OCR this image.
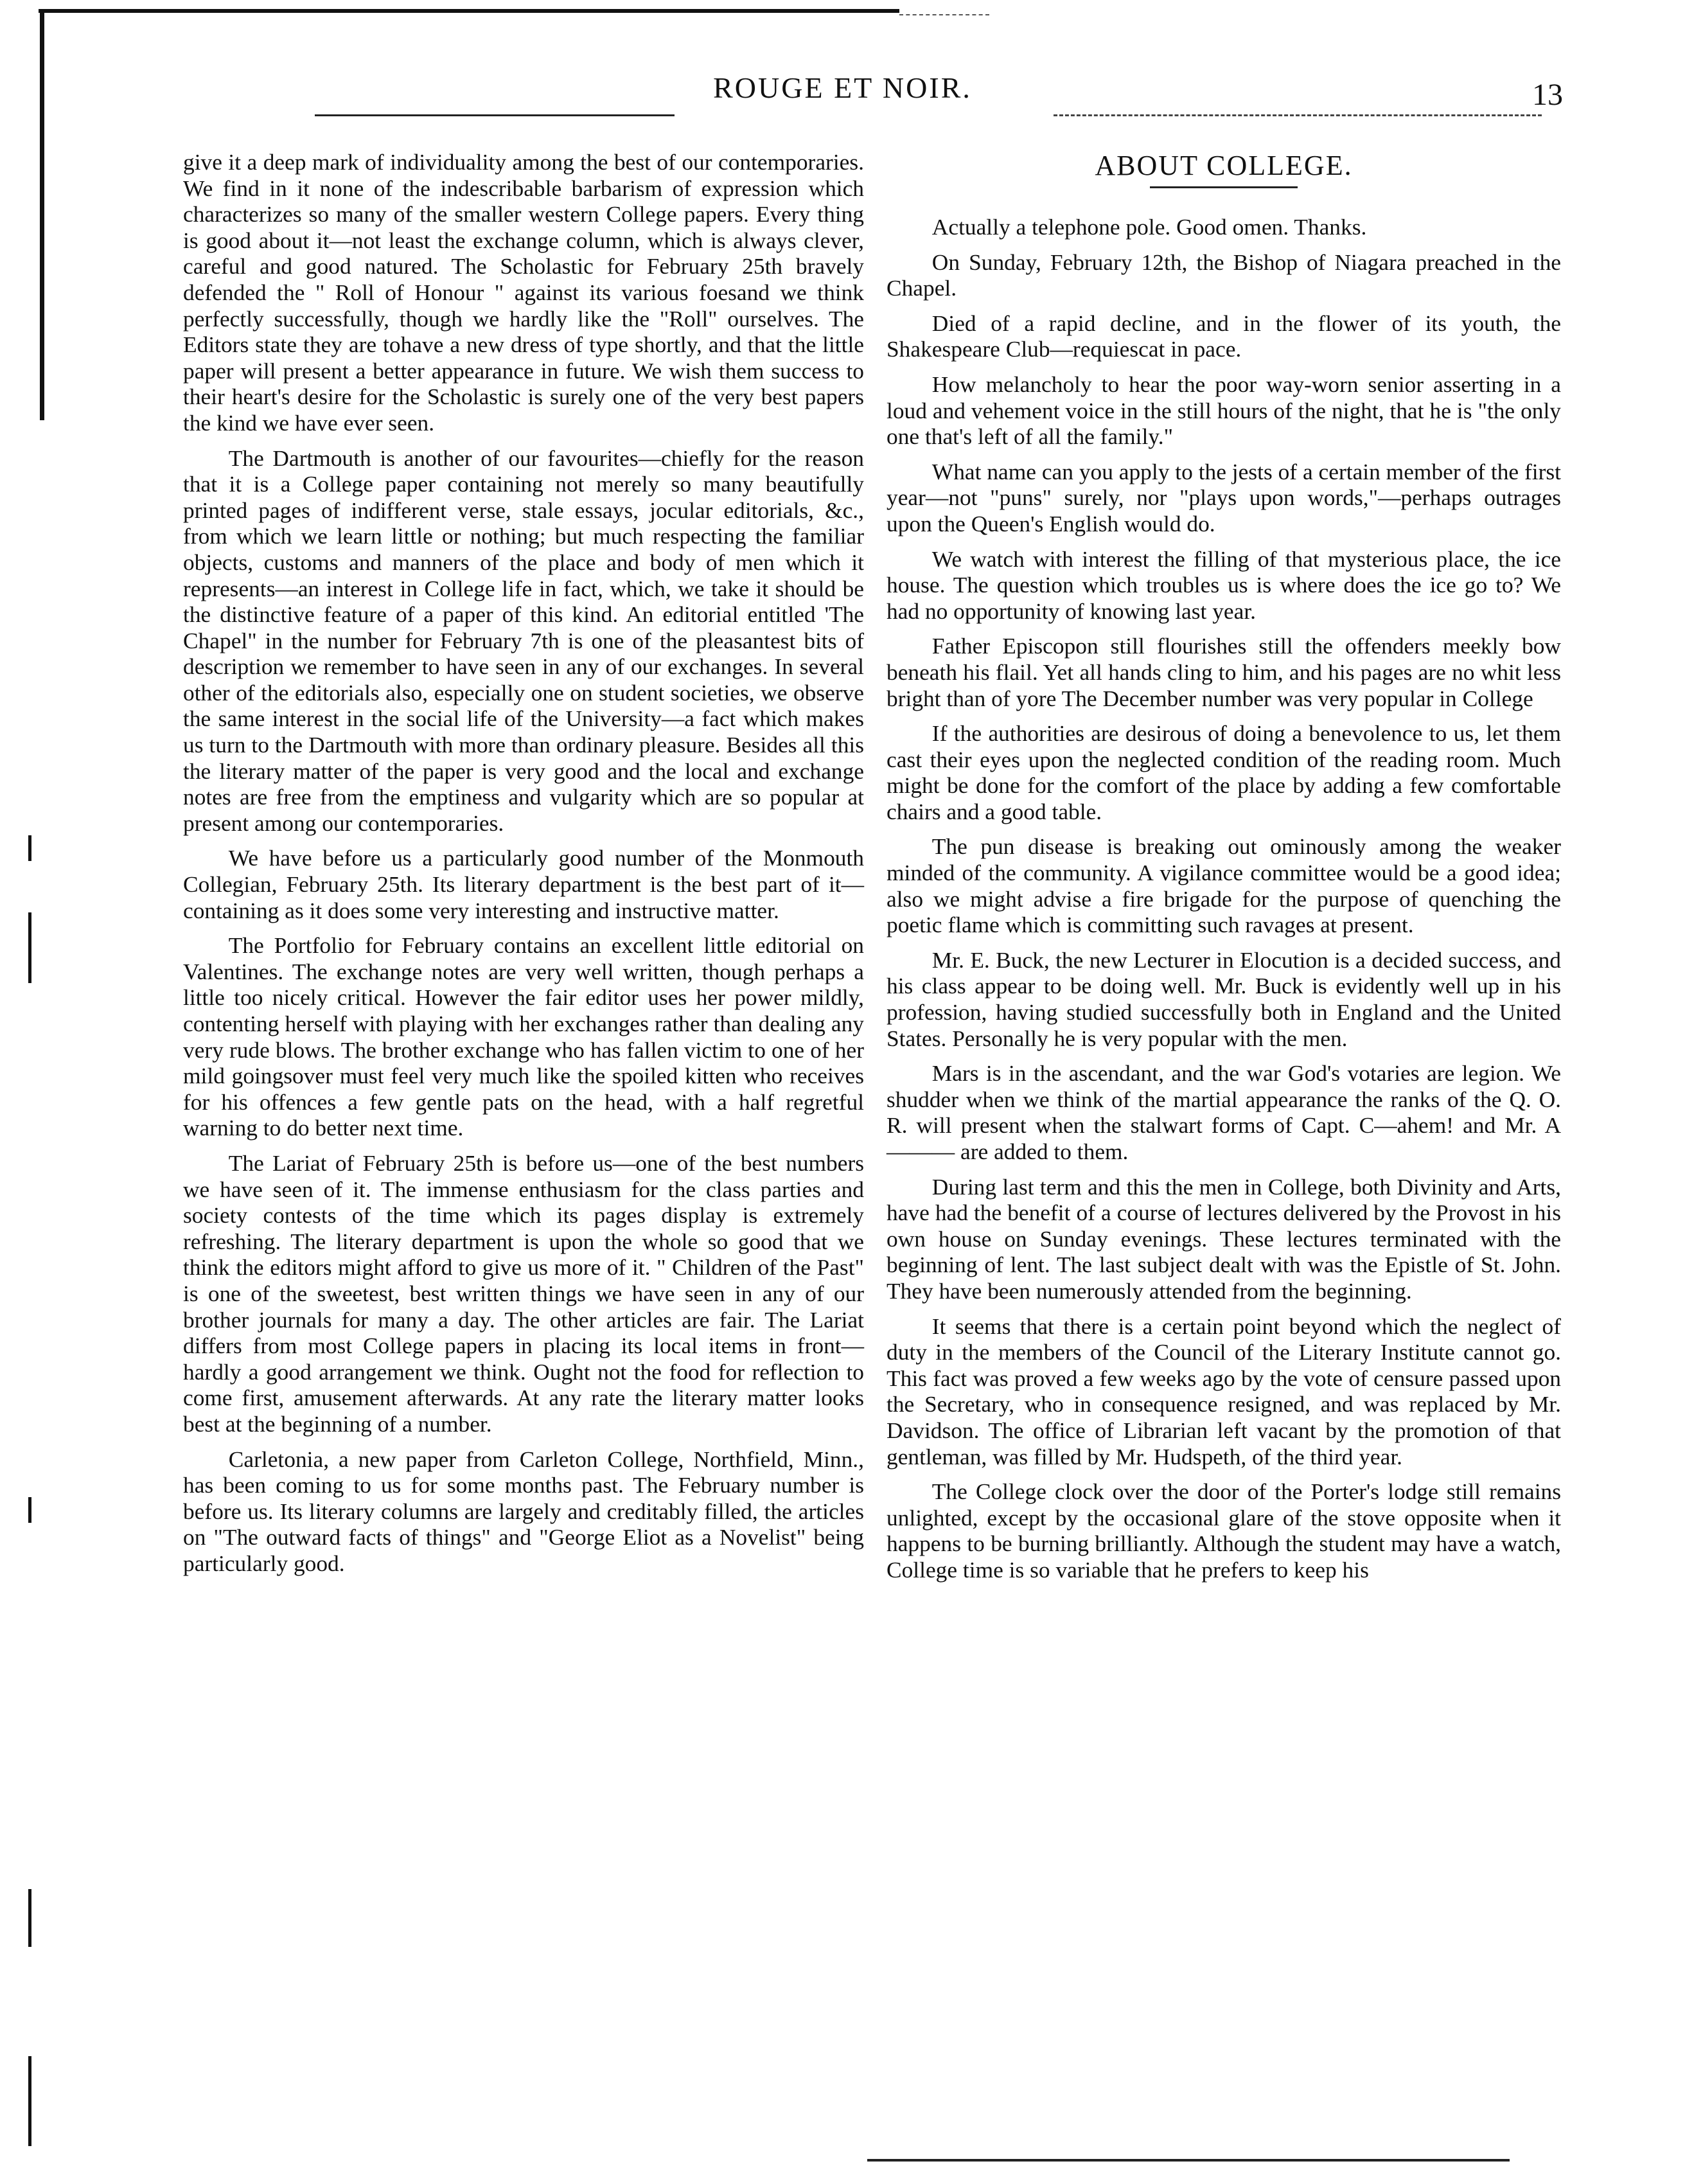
ROUGE ET NOIR.	13

give it a deep mark of individuality among the best of our contemporaries. We find in it none of the indescribable barbarism of expression which characterizes so many of the smaller western College papers. Every thing is good about it—not least the exchange column, which is always clever, careful and good natured. The Scholastic for February 25th bravely defended the " Roll of Honour " against its various foesand we think perfectly successfully, though we hardly like the "Roll" ourselves. The Editors state they are tohave a new dress of type shortly, and that the little paper will present a better appearance in future. We wish them success to their heart's desire for the Scholastic is surely one of the very best papers the kind we have ever seen.

The Dartmouth is another of our favourites—chiefly for the reason that it is a College paper containing not merely so many beautifully printed pages of indifferent verse, stale essays, jocular editorials, &c., from which we learn little or nothing; but much respecting the familiar objects, customs and manners of the place and body of men which it represents—an interest in College life in fact, which, we take it should be the distinctive feature of a paper of this kind. An editorial entitled 'The Chapel" in the number for February 7th is one of the pleasantest bits of description we remember to have seen in any of our exchanges. In several other of the editorials also, especially one on student societies, we observe the same interest in the social life of the University—a fact which makes us turn to the Dartmouth with more than ordinary pleasure. Besides all this the literary matter of the paper is very good and the local and exchange notes are free from the emptiness and vulgarity which are so popular at present among our contemporaries.

We have before us a particularly good number of the Monmouth Collegian, February 25th. Its literary department is the best part of it—containing as it does some very interesting and instructive matter.

The Portfolio for February contains an excellent little editorial on Valentines. The exchange notes are very well written, though perhaps a little too nicely critical. However the fair editor uses her power mildly, contenting herself with playing with her exchanges rather than dealing any very rude blows. The brother exchange who has fallen victim to one of her mild goingsover must feel very much like the spoiled kitten who receives for his offences a few gentle pats on the head, with a half regretful warning to do better next time.

The Lariat of February 25th is before us—one of the best numbers we have seen of it. The immense enthusiasm for the class parties and society contests of the time which its pages display is extremely refreshing. The literary department is upon the whole so good that we think the editors might afford to give us more of it. " Children of the Past" is one of the sweetest, best written things we have seen in any of our brother journals for many a day. The other articles are fair. The Lariat differs from most College papers in placing its local items in front—hardly a good arrangement we think. Ought not the food for reflection to come first, amusement afterwards. At any rate the literary matter looks best at the beginning of a number.

Carletonia, a new paper from Carleton College, Northfield, Minn., has been coming to us for some months past. The February number is before us. Its literary columns are largely and creditably filled, the articles on "The outward facts of things" and "George Eliot as a Novelist" being particularly good.

ABOUT COLLEGE.

Actually a telephone pole. Good omen. Thanks.

On Sunday, February 12th, the Bishop of Niagara preached in the Chapel.

Died of a rapid decline, and in the flower of its youth, the Shakespeare Club—requiescat in pace.

How melancholy to hear the poor way-worn senior asserting in a loud and vehement voice in the still hours of the night, that he is "the only one that's left of all the family."

What name can you apply to the jests of a certain member of the first year—not "puns" surely, nor "plays upon words,"—perhaps outrages upon the Queen's English would do.

We watch with interest the filling of that mysterious place, the ice house. The question which troubles us is where does the ice go to? We had no opportunity of knowing last year.

Father Episcopon still flourishes still the offenders meekly bow beneath his flail. Yet all hands cling to him, and his pages are no whit less bright than of yore The December number was very popular in College

If the authorities are desirous of doing a benevolence to us, let them cast their eyes upon the neglected condition of the reading room. Much might be done for the comfort of the place by adding a few comfortable chairs and a good table.

The pun disease is breaking out ominously among the weaker minded of the community. A vigilance committee would be a good idea; also we might advise a fire brigade for the purpose of quenching the poetic flame which is committing such ravages at present.

Mr. E. Buck, the new Lecturer in Elocution is a decided success, and his class appear to be doing well. Mr. Buck is evidently well up in his profession, having studied successfully both in England and the United States. Personally he is very popular with the men.

Mars is in the ascendant, and the war God's votaries are legion. We shudder when we think of the martial appearance the ranks of the Q. O. R. will present when the stalwart forms of Capt. C—ahem! and Mr. A——— are added to them.

During last term and this the men in College, both Divinity and Arts, have had the benefit of a course of lectures delivered by the Provost in his own house on Sunday evenings. These lectures terminated with the beginning of lent. The last subject dealt with was the Epistle of St. John. They have been numerously attended from the beginning.

It seems that there is a certain point beyond which the neglect of duty in the members of the Council of the Literary Institute cannot go. This fact was proved a few weeks ago by the vote of censure passed upon the Secretary, who in consequence resigned, and was replaced by Mr. Davidson. The office of Librarian left vacant by the promotion of that gentleman, was filled by Mr. Hudspeth, of the third year.

The College clock over the door of the Porter's lodge still remains unlighted, except by the occasional glare of the stove opposite when it happens to be burning brilliantly. Although the student may have a watch, College time is so variable that he prefers to keep his
